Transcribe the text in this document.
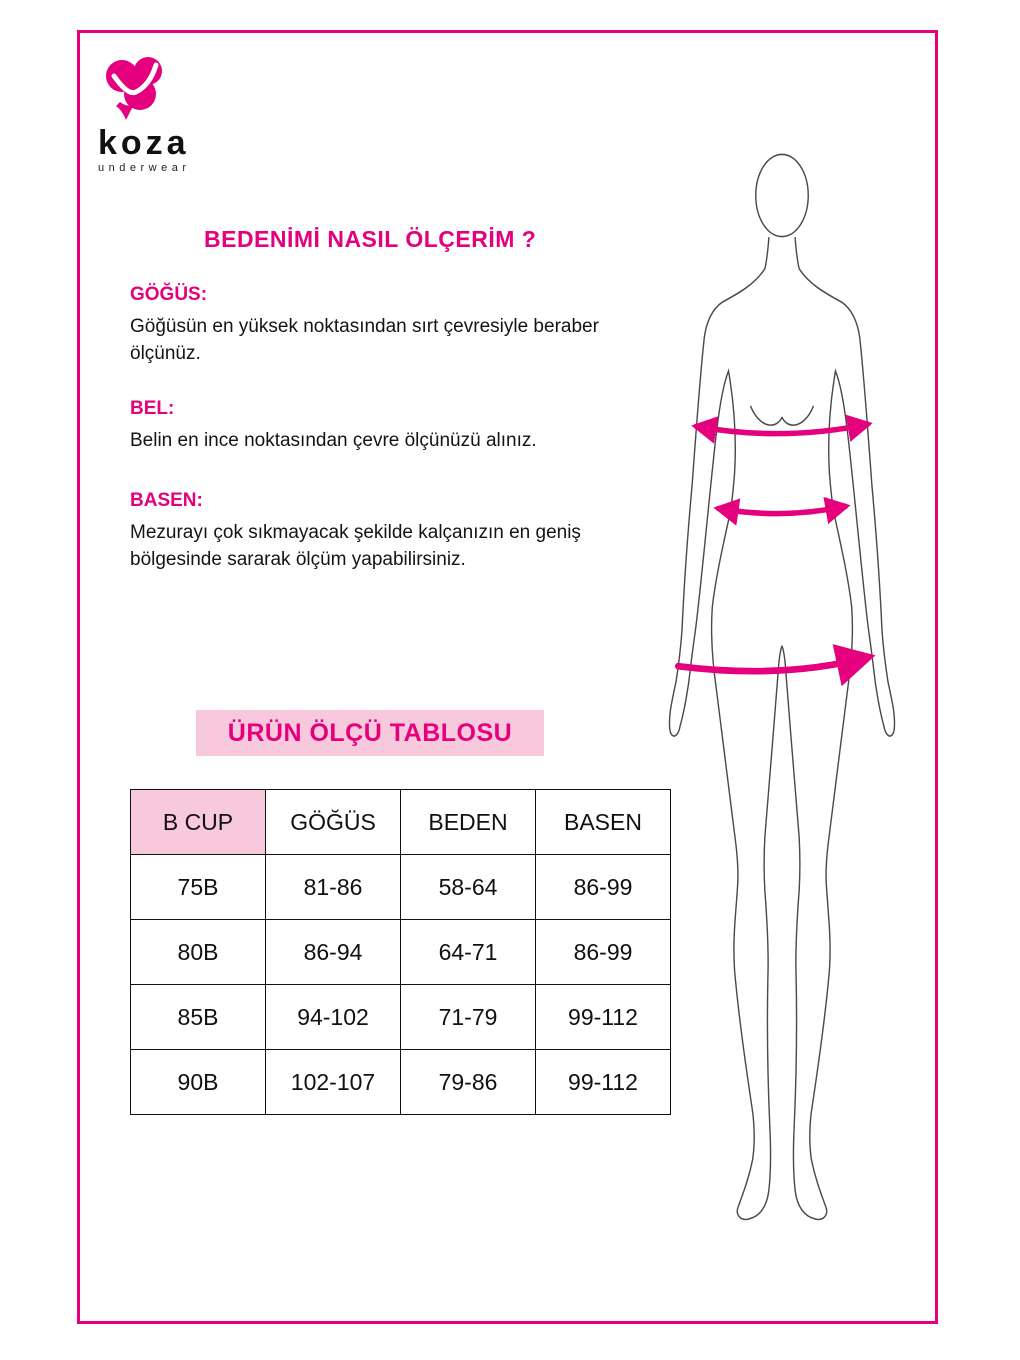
koza
underwear
BEDENİMİ NASIL ÖLÇERİM ?
GÖĞÜS:
Göğüsün en yüksek noktasından sırt çevresiyle beraber ölçünüz.
BEL:
Belin en ince noktasından çevre ölçünüzü alınız.
BASEN:
Mezurayı çok sıkmayacak şekilde kalçanızın en geniş bölgesinde sararak ölçüm yapabilirsiniz.
ÜRÜN ÖLÇÜ TABLOSU
B CUP	GÖĞÜS	BEDEN	BASEN
75B	81-86	58-64	86-99
80B	86-94	64-71	86-99
85B	94-102	71-79	99-112
90B	102-107	79-86	99-112
